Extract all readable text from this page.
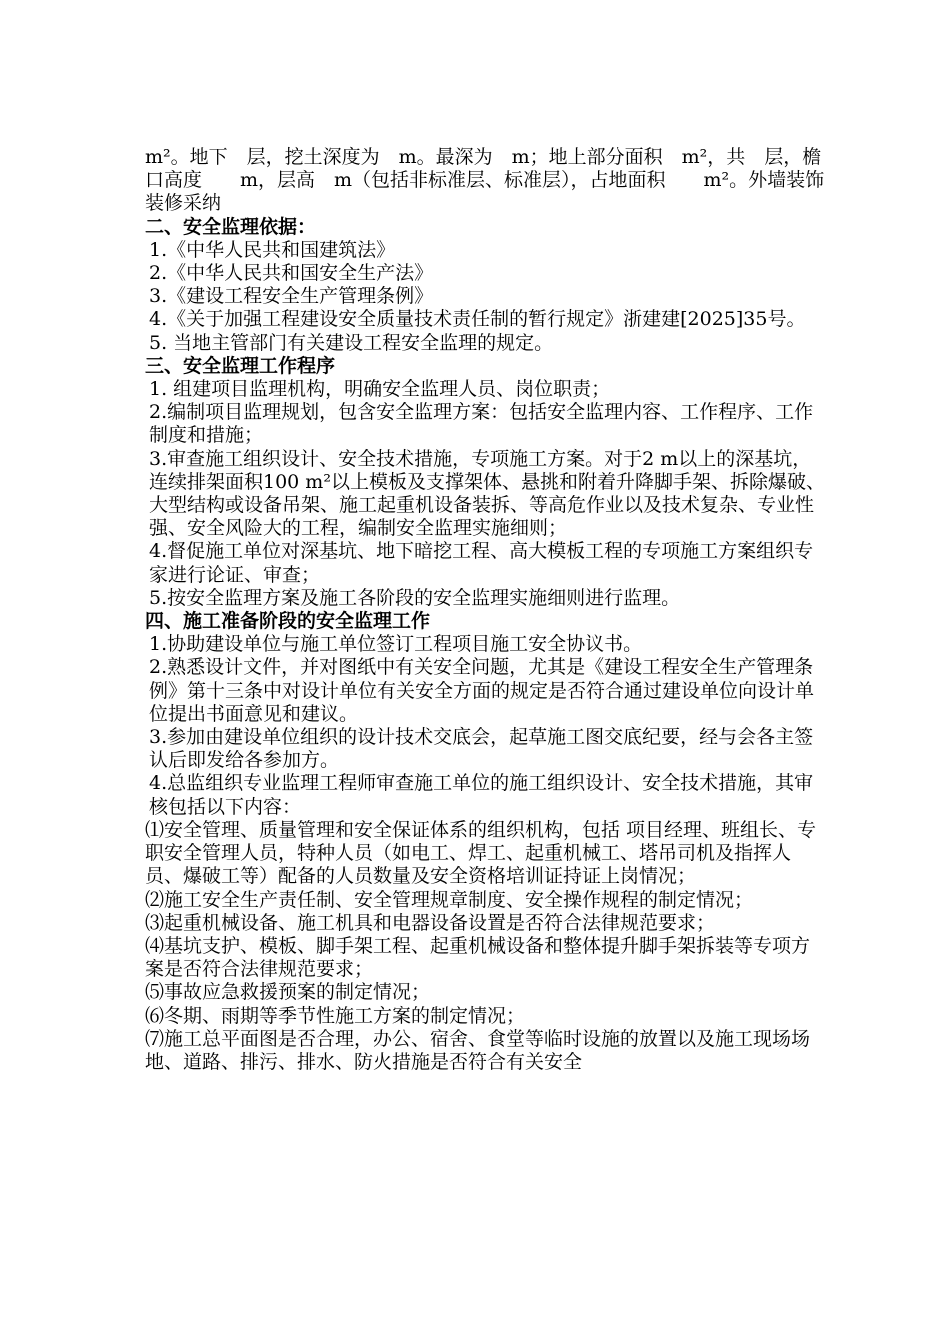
m²。地下　层，挖土深度为　m。最深为　m；地上部分面积　m²，共　层，檐口高度　　m，层高　m（包括非标准层、标准层），占地面积　　m²。外墙装饰装修采纳

二、安全监理依据：

1.《中华人民共和国建筑法》

2.《中华人民共和国安全生产法》

3.《建设工程安全生产管理条例》

4.《关于加强工程建设安全质量技术责任制的暂行规定》浙建建[2025]35号。

5. 当地主管部门有关建设工程安全监理的规定。

三、安全监理工作程序

1. 组建项目监理机构，明确安全监理人员、岗位职责；

2.编制项目监理规划，包含安全监理方案：包括安全监理内容、工作程序、工作制度和措施；

3.审查施工组织设计、安全技术措施，专项施工方案。对于2 m以上的深基坑，连续排架面积100 m²以上模板及支撑架体、悬挑和附着升降脚手架、拆除爆破、大型结构或设备吊架、施工起重机设备装拆、等高危作业以及技术复杂、专业性强、安全风险大的工程，编制安全监理实施细则；

4.督促施工单位对深基坑、地下暗挖工程、高大模板工程的专项施工方案组织专家进行论证、审查；

5.按安全监理方案及施工各阶段的安全监理实施细则进行监理。

四、施工准备阶段的安全监理工作

1.协助建设单位与施工单位签订工程项目施工安全协议书。

2.熟悉设计文件，并对图纸中有关安全问题，尤其是《建设工程安全生产管理条例》第十三条中对设计单位有关安全方面的规定是否符合通过建设单位向设计单位提出书面意见和建议。

3.参加由建设单位组织的设计技术交底会，起草施工图交底纪要，经与会各主签认后即发给各参加方。

4.总监组织专业监理工程师审查施工单位的施工组织设计、安全技术措施，其审核包括以下内容：

⑴安全管理、质量管理和安全保证体系的组织机构，包括 项目经理、班组长、专职安全管理人员，特种人员（如电工、焊工、起重机械工、塔吊司机及指挥人员、爆破工等）配备的人员数量及安全资格培训证持证上岗情况；

⑵施工安全生产责任制、安全管理规章制度、安全操作规程的制定情况；

⑶起重机械设备、施工机具和电器设备设置是否符合法律规范要求；

⑷基坑支护、模板、脚手架工程、起重机械设备和整体提升脚手架拆装等专项方案是否符合法律规范要求；

⑸事故应急救援预案的制定情况；

⑹冬期、雨期等季节性施工方案的制定情况；

⑺施工总平面图是否合理，办公、宿舍、食堂等临时设施的放置以及施工现场场地、道路、排污、排水、防火措施是否符合有关安全
